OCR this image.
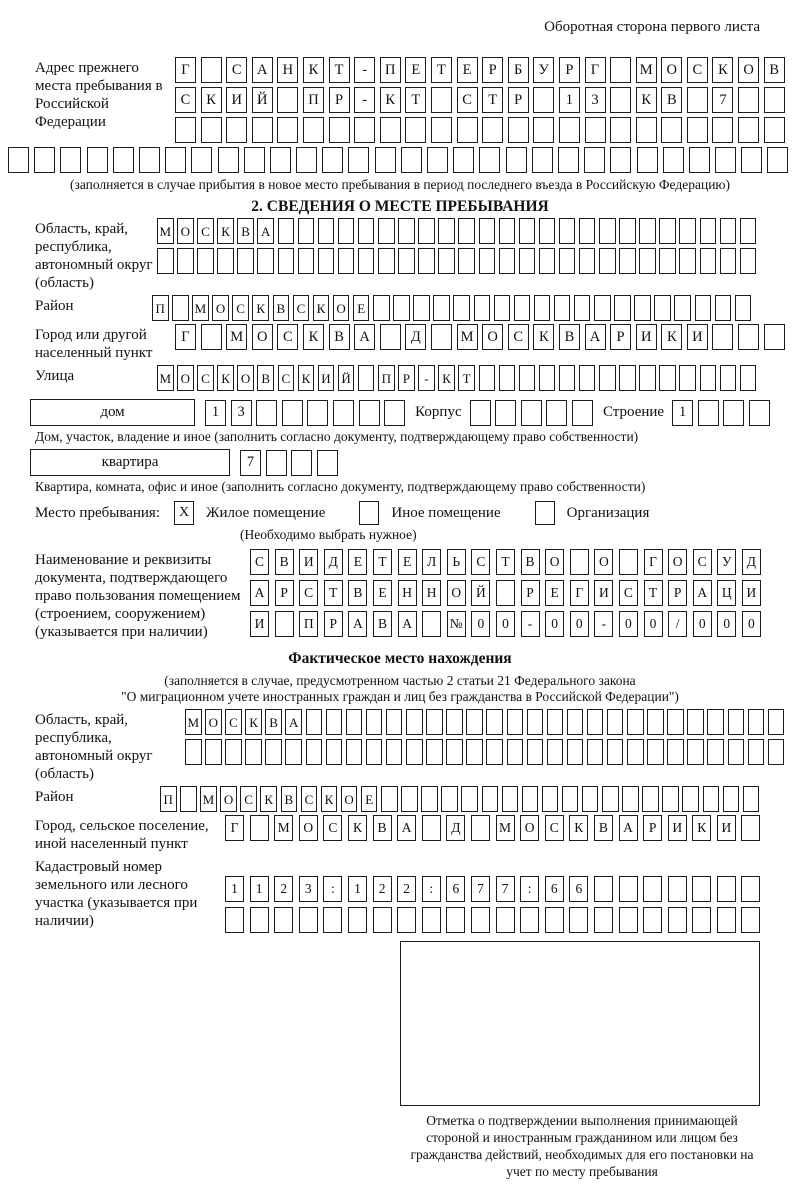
Оборотная сторона первого листа
Адрес прежнего места пребывания в Российской Федерации
Г	С	А	Н	К	Т	-	П	Е	Т	Е	Р	Б	У	Р	Г	М О	С	К	О	В
С	К	И	Й	П	Р	-	К	Т	С	Т	Р	1	3	К	В	7
(заполняется в случае прибытия в новое место пребывания в период последнего въезда в Российскую Федерацию)
2. СВЕДЕНИЯ О МЕСТЕ ПРЕБЫВАНИЯ
Область, край, республика, автономный округ (область)
М О С К В А
Район	П М О С К В С К О Е
Город или другой населенный пункт
Г	М О	С	К	В	А	Д	М О	С	К	В	А	Р	И	К	И
Улица	М О С К О В С К И Й П Р	-	К Т
дом	1	3	Корпус	Строение	1
Дом, участок, владение и иное (заполнить согласно документу, подтверждающему право собственности)
квартира	7
Квартира, комната, офис и иное (заполнить согласно документу, подтверждающему право собственности)
Место пребывания:	X	Жилое помещение	Иное помещение	Организация
(Необходимо выбрать нужное)
Наименование и реквизиты документа, подтверждающего право пользования помещением (строением, сооружением) (указывается при наличии)
С	В	И	Д	Е	Т	Е	Л	Ь	С	Т	В	О	О	Г	О	С	У	Д
А	Р	С	Т	В	Е	Н	Н	О	Й	Р	Е	Г	И	С	Т	Р	А	Ц	И
И	П	Р	А	В	А	№	0	0	-	0	0	-	0	0	/	0	0	0
Фактическое место нахождения
(заполняется в случае, предусмотренном частью 2 статьи 21 Федерального закона
"О миграционном учете иностранных граждан и лиц без гражданства в Российской Федерации")
Область, край, республика, автономный округ (область)
М О С К В А
Район	П М О С К В С К О Е
Город, сельское поселение, иной населенный пункт
Г	М	О	С	К	В	А	Д	М	О	С	К	В	А	Р	И	К	И
Кадастровый номер земельного или лесного участка (указывается при наличии)
1	1	2	3	:	1	2	2	:	6	7	7	:	6	6
Отметка о подтверждении выполнения принимающей стороной и иностранным гражданином или лицом без гражданства действий, необходимых для его постановки на учет по месту пребывания
